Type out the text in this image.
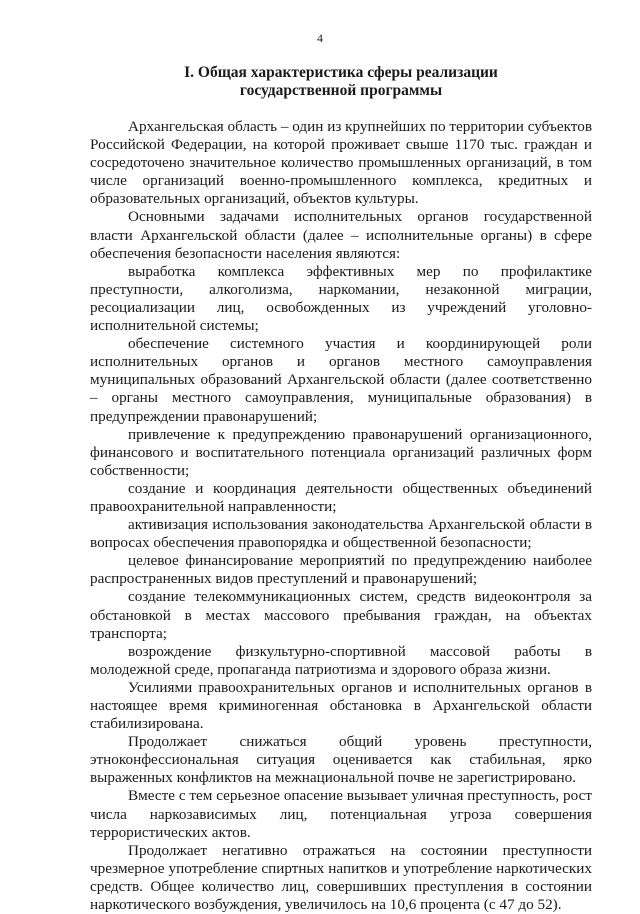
4
I. Общая характеристика сферы реализации
государственной программы

Архангельская область – один из крупнейших по территории субъектов Российской Федерации, на которой проживает свыше 1170 тыс. граждан и сосредоточено значительное количество промышленных организаций, в том числе организаций военно-промышленного комплекса, кредитных и образовательных организаций, объектов культуры.

Основными задачами исполнительных органов государственной власти Архангельской области (далее – исполнительные органы) в сфере обеспечения безопасности населения являются:

выработка комплекса эффективных мер по профилактике преступности, алкоголизма, наркомании, незаконной миграции, ресоциализации лиц, освобожденных из учреждений уголовно-исполнительной системы;

обеспечение системного участия и координирующей роли исполнительных органов и органов местного самоуправления муниципальных образований Архангельской области (далее соответственно – органы местного самоуправления, муниципальные образования) в предупреждении правонарушений;

привлечение к предупреждению правонарушений организационного, финансового и воспитательного потенциала организаций различных форм собственности;

создание и координация деятельности общественных объединений правоохранительной направленности;

активизация использования законодательства Архангельской области в вопросах обеспечения правопорядка и общественной безопасности;

целевое финансирование мероприятий по предупреждению наиболее распространенных видов преступлений и правонарушений;

создание телекоммуникационных систем, средств видеоконтроля за обстановкой в местах массового пребывания граждан, на объектах транспорта;

возрождение физкультурно-спортивной массовой работы в молодежной среде, пропаганда патриотизма и здорового образа жизни.

Усилиями правоохранительных органов и исполнительных органов в настоящее время криминогенная обстановка в Архангельской области стабилизирована.

Продолжает снижаться общий уровень преступности, этноконфессиональная ситуация оценивается как стабильная, ярко выраженных конфликтов на межнациональной почве не зарегистрировано.

Вместе с тем серьезное опасение вызывает уличная преступность, рост числа наркозависимых лиц, потенциальная угроза совершения террористических актов.

Продолжает негативно отражаться на состоянии преступности чрезмерное употребление спиртных напитков и употребление наркотических средств. Общее количество лиц, совершивших преступления в состоянии наркотического возбуждения, увеличилось на 10,6 процента (с 47 до 52).
